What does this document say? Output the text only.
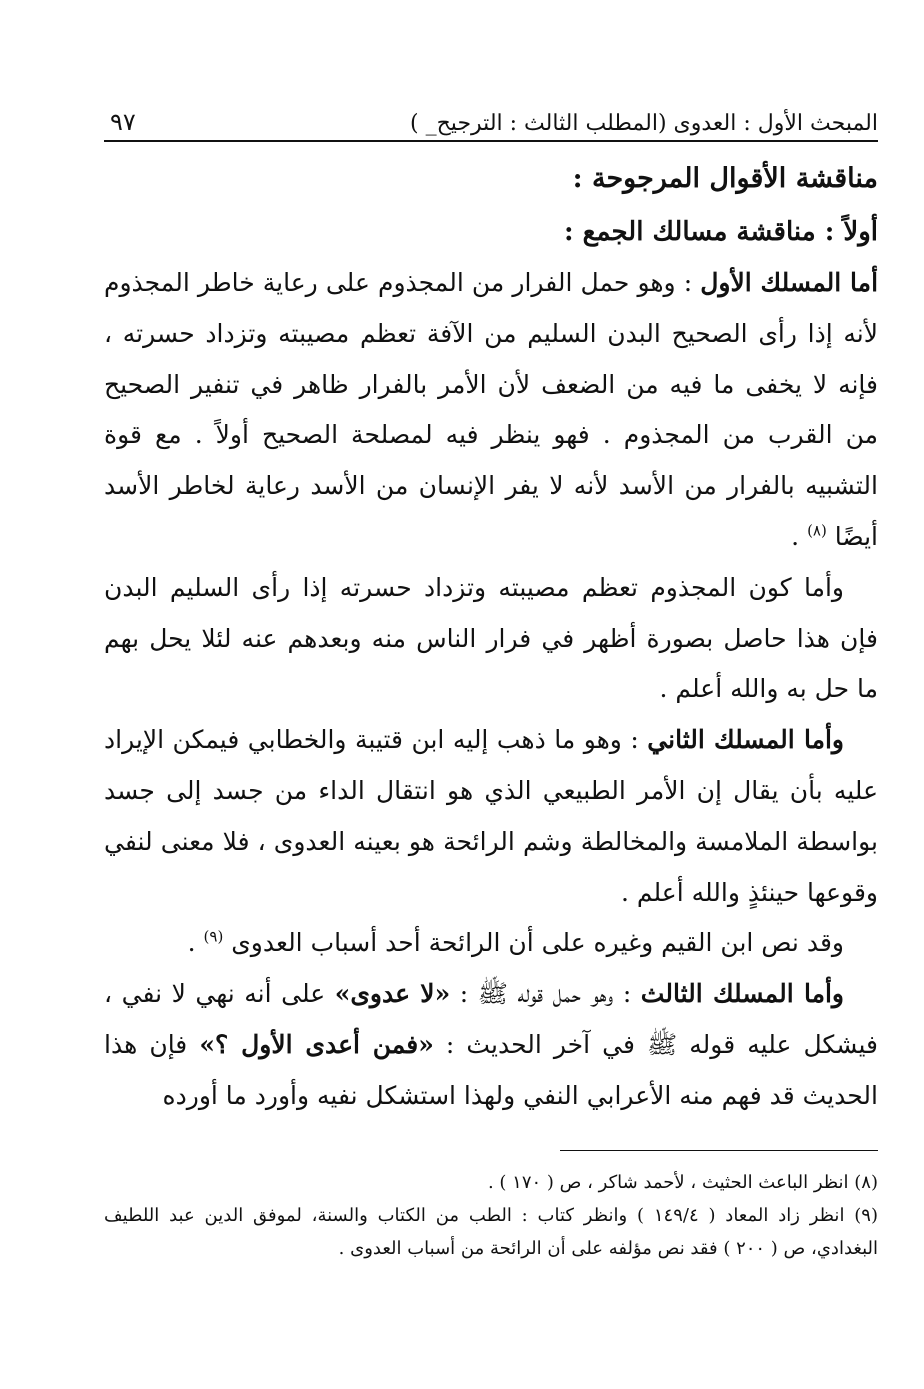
المبحث الأول : العدوى (المطلب الثالث : الترجيح_ )
٩٧

مناقشة الأقوال المرجوحة :

أولاً : مناقشة مسالك الجمع :

أما المسلك الأول : وهو حمل الفرار من المجذوم على رعاية خاطر المجذوم لأنه إذا رأى الصحيح البدن السليم من الآفة تعظم مصيبته وتزداد حسرته ، فإنه لا يخفى ما فيه من الضعف لأن الأمر بالفرار ظاهر في تنفير الصحيح من القرب من المجذوم . فهو ينظر فيه لمصلحة الصحيح أولاً . مع قوة التشبيه بالفرار من الأسد لأنه لا يفر الإنسان من الأسد رعاية لخاطر الأسد أيضًا $^{(٨)}$ .

وأما كون المجذوم تعظم مصيبته وتزداد حسرته إذا رأى السليم البدن فإن هذا حاصل بصورة أظهر في فرار الناس منه وبعدهم عنه لئلا يحل بهم ما حل به والله أعلم .

وأما المسلك الثاني : وهو ما ذهب إليه ابن قتيبة والخطابي فيمكن الإيراد عليه بأن يقال إن الأمر الطبيعي الذي هو انتقال الداء من جسد إلى جسد بواسطة الملامسة والمخالطة وشم الرائحة هو بعينه العدوى ، فلا معنى لنفي وقوعها حينئذٍ والله أعلم .

وقد نص ابن القيم وغيره على أن الرائحة أحد أسباب العدوى $^{(٩)}$ .

وأما المسلك الثالث : وهو حمل قوله ﷺ : «لا عدوى» على أنه نهي لا نفي ، فيشكل عليه قوله ﷺ في آخر الحديث : «فمن أعدى الأول ؟» فإن هذا الحديث قد فهم منه الأعرابي النفي ولهذا استشكل نفيه وأورد ما أورده

(٨) انظر الباعث الحثيث ، لأحمد شاكر ، ص ( ١٧٠ ) .

(٩) انظر زاد المعاد ( ١٤٩/٤ ) وانظر كتاب : الطب من الكتاب والسنة، لموفق الدين عبد اللطيف البغدادي، ص ( ٢٠٠ ) فقد نص مؤلفه على أن الرائحة من أسباب العدوى .
